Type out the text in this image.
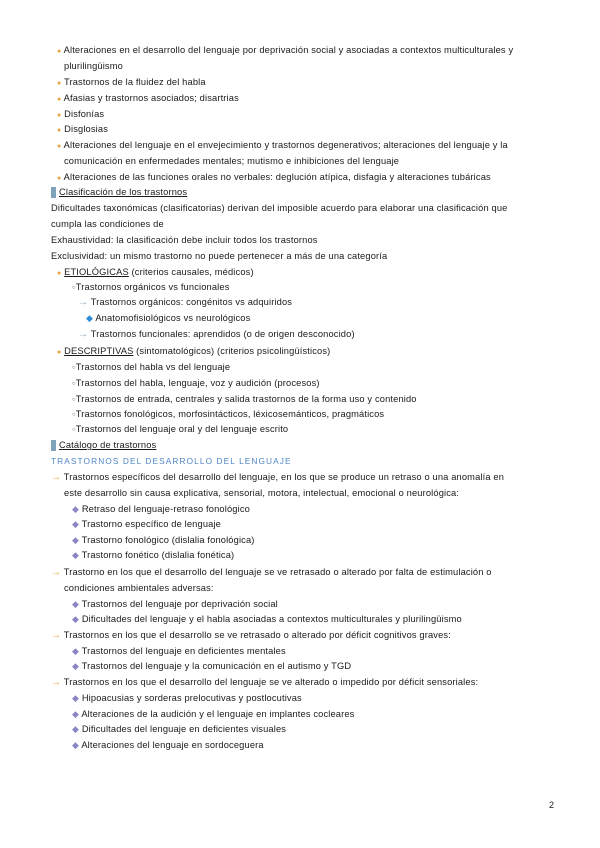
● Alteraciones en el desarrollo del lenguaje por deprivación social y asociadas a contextos multiculturales y
plurilingüismo
● Trastornos de la fluidez del habla
● Afasias y trastornos asociados; disartrias
● Disfonías
● Disglosias
● Alteraciones del lenguaje en el envejecimiento y trastornos degenerativos; alteraciones del lenguaje y la
comunicación en enfermedades mentales; mutismo e inhibiciones del lenguaje
● Alteraciones de las funciones orales no verbales: deglución atípica, disfagia y alteraciones tubáricas
Clasificación de los trastornos
Dificultades taxonómicas (clasificatorias) derivan del imposible acuerdo para elaborar una clasificación que
cumpla las condiciones de
Exhaustividad: la clasificación debe incluir todos los trastornos
Exclusividad: un mismo trastorno no puede pertenecer a más de una categoría
● ETIOLÓGICAS (criterios causales, médicos)
○Trastornos orgánicos vs funcionales
→ Trastornos orgánicos: congénitos vs adquiridos
◆ Anatomofisiológicos vs neurológicos
→ Trastornos funcionales: aprendidos (o de origen desconocido)
● DESCRIPTIVAS (sintomatológicos) (criterios psicolingüísticos)
○Trastornos del habla vs del lenguaje
○Trastornos del habla, lenguaje, voz y audición (procesos)
○Trastornos de entrada, centrales y salida trastornos de la forma uso y contenido
○Trastornos fonológicos, morfosintácticos, léxicosemánticos, pragmáticos
○Trastornos del lenguaje oral y del lenguaje escrito
Catálogo de trastornos
TRASTORNOS DEL DESARROLLO DEL LENGUAJE
→ Trastornos específicos del desarrollo del lenguaje, en los que se produce un retraso o una anomalía en
este desarrollo sin causa explicativa, sensorial, motora, intelectual, emocional o neurológica:
◆ Retraso del lenguaje-retraso fonológico
◆ Trastorno específico de lenguaje
◆ Trastorno fonológico (dislalia fonológica)
◆ Trastorno fonético (dislalia fonética)
→ Trastorno en los que el desarrollo del lenguaje se ve retrasado o alterado por falta de estimulación o
condiciones ambientales adversas:
◆ Trastornos del lenguaje por deprivación social
◆ Dificultades del lenguaje y el habla asociadas a contextos multiculturales y plurilingüismo
→ Trastornos en los que el desarrollo se ve retrasado o alterado por déficit cognitivos graves:
◆ Trastornos del lenguaje en deficientes mentales
◆ Trastornos del lenguaje y la comunicación en el autismo y TGD
→ Trastornos en los que el desarrollo del lenguaje se ve alterado o impedido por déficit sensoriales:
◆ Hipoacusias y sorderas prelocutivas y postlocutivas
◆ Alteraciones de la audición y el lenguaje en implantes cocleares
◆ Dificultades del lenguaje en deficientes visuales
◆ Alteraciones del lenguaje en sordoceguera
2
